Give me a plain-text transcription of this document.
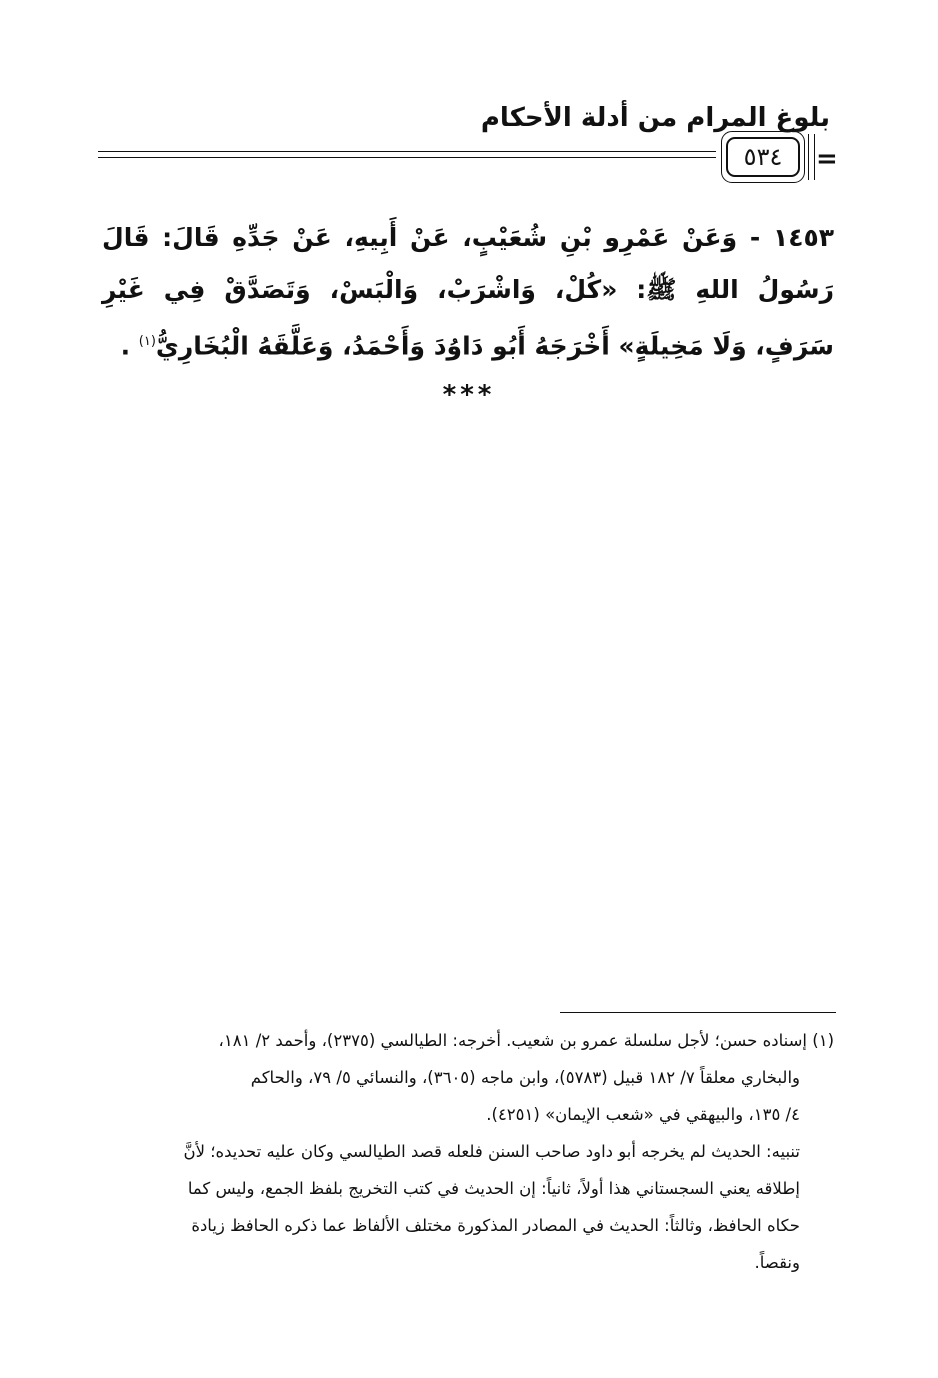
بلوغ المرام من أدلة الأحكام
٥٣٤	=

١٤٥٣ - وَعَنْ عَمْرِو بْنِ شُعَيْبٍ، عَنْ أَبِيهِ، عَنْ جَدِّهِ قَالَ: قَالَ رَسُولُ اللهِ ﷺ: «كُلْ، وَاشْرَبْ، وَالْبَسْ، وَتَصَدَّقْ فِي غَيْرِ سَرَفٍ، وَلَا مَخِيلَةٍ» أَخْرَجَهُ أَبُو دَاوُدَ وَأَحْمَدُ، وَعَلَّقَهُ الْبُخَارِيُّ$^{(١)}$ .

***

(١) إسناده حسن؛ لأجل سلسلة عمرو بن شعيب. أخرجه: الطيالسي (٢٣٧٥)، وأحمد ٢/ ١٨١،

والبخاري معلقاً ٧/ ١٨٢ قبيل (٥٧٨٣)، وابن ماجه (٣٦٠٥)، والنسائي ٥/ ٧٩، والحاكم

٤/ ١٣٥، والبيهقي في «شعب الإيمان» (٤٢٥١).

تنبيه: الحديث لم يخرجه أبو داود صاحب السنن فلعله قصد الطيالسي وكان عليه تحديده؛ لأنَّ

إطلاقه يعني السجستاني هذا أولاً، ثانياً: إن الحديث في كتب التخريج بلفظ الجمع، وليس كما

حكاه الحافظ، وثالثاً: الحديث في المصادر المذكورة مختلف الألفاظ عما ذكره الحافظ زيادة

ونقصاً.
